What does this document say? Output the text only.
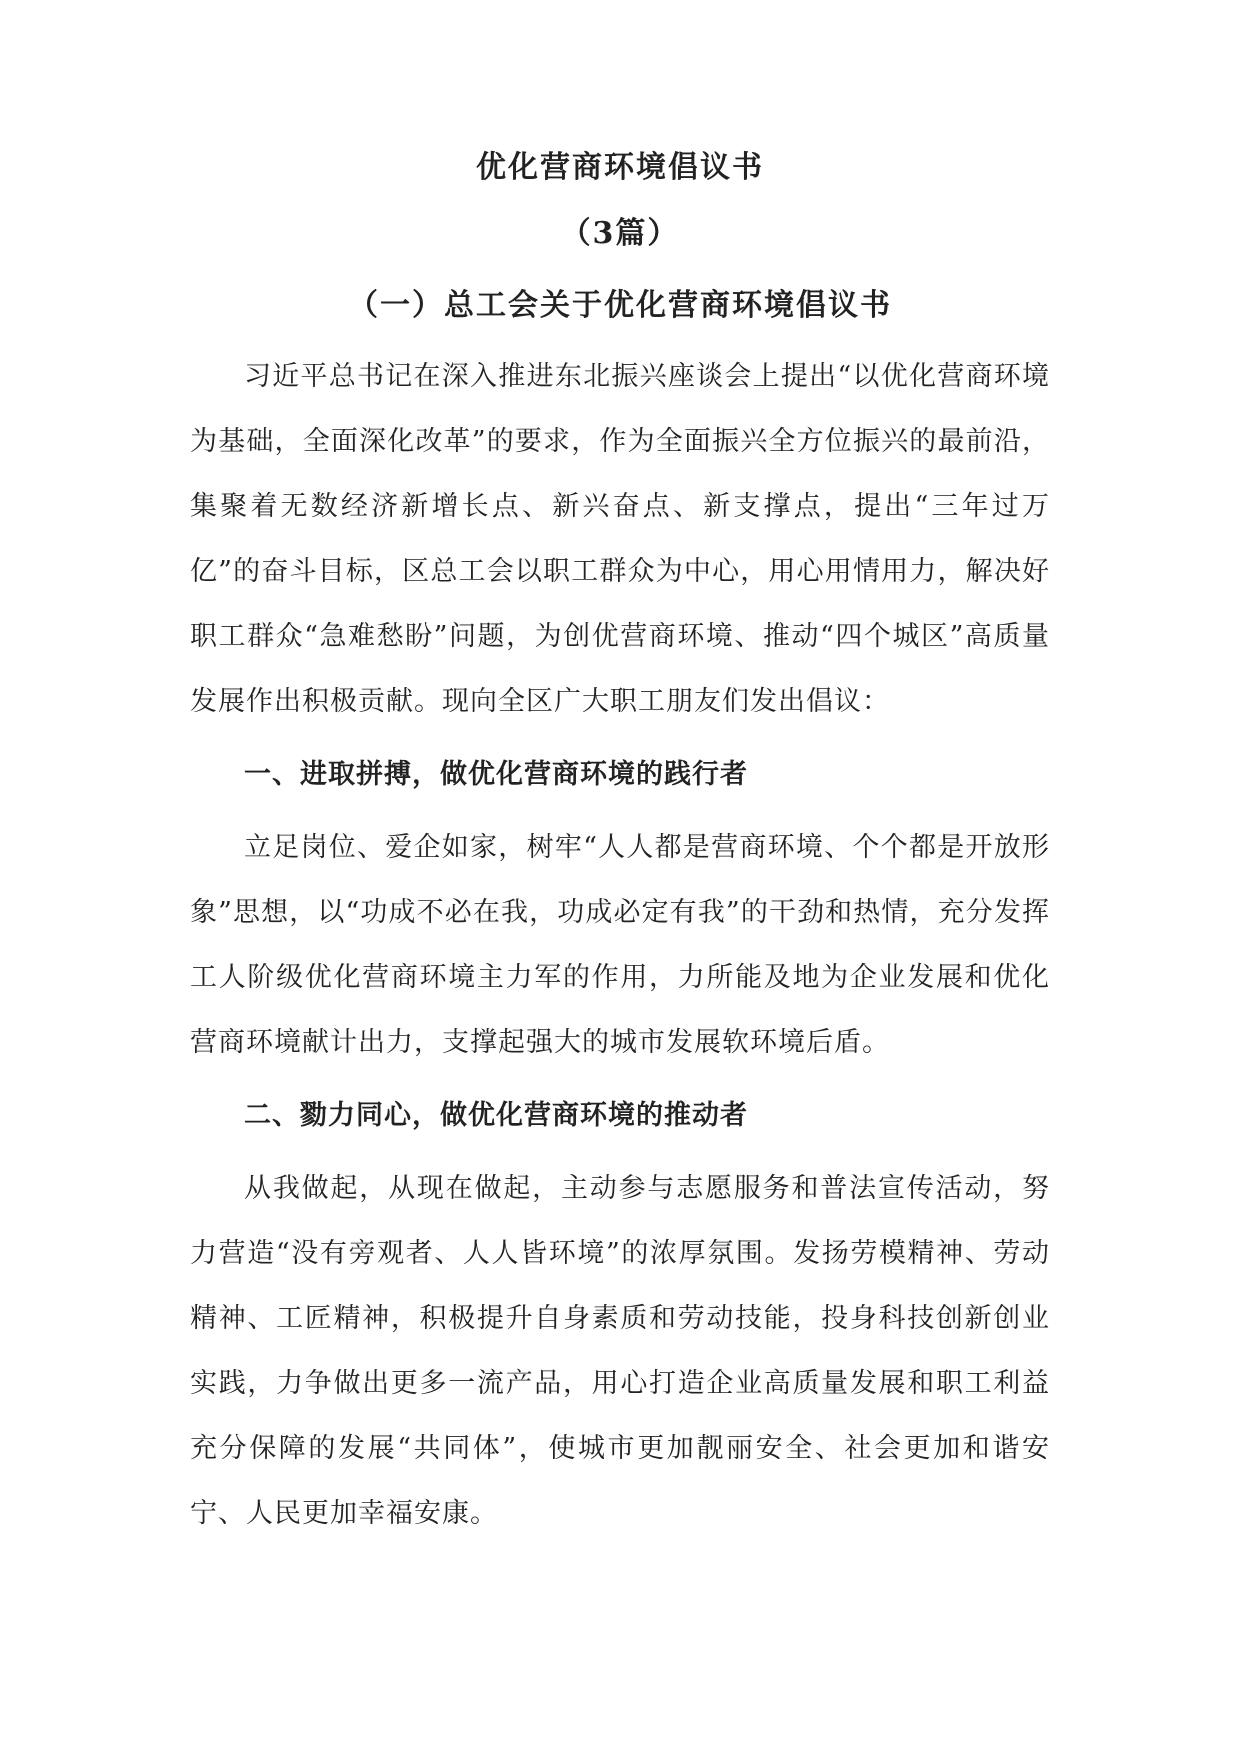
优化营商环境倡议书
（3篇）
（一）总工会关于优化营商环境倡议书

习近平总书记在深入推进东北振兴座谈会上提出“以优化营商环境为基础，全面深化改革”的要求，作为全面振兴全方位振兴的最前沿，集聚着无数经济新增长点、新兴奋点、新支撑点，提出“三年过万亿”的奋斗目标，区总工会以职工群众为中心，用心用情用力，解决好职工群众“急难愁盼”问题，为创优营商环境、推动“四个城区”高质量发展作出积极贡献。现向全区广大职工朋友们发出倡议：

一、进取拼搏，做优化营商环境的践行者

立足岗位、爱企如家，树牢“人人都是营商环境、个个都是开放形象”思想，以“功成不必在我，功成必定有我”的干劲和热情，充分发挥工人阶级优化营商环境主力军的作用，力所能及地为企业发展和优化营商环境献计出力，支撑起强大的城市发展软环境后盾。

二、勠力同心，做优化营商环境的推动者

从我做起，从现在做起，主动参与志愿服务和普法宣传活动，努力营造“没有旁观者、人人皆环境”的浓厚氛围。发扬劳模精神、劳动精神、工匠精神，积极提升自身素质和劳动技能，投身科技创新创业实践，力争做出更多一流产品，用心打造企业高质量发展和职工利益充分保障的发展“共同体”，使城市更加靓丽安全、社会更加和谐安宁、人民更加幸福安康。
